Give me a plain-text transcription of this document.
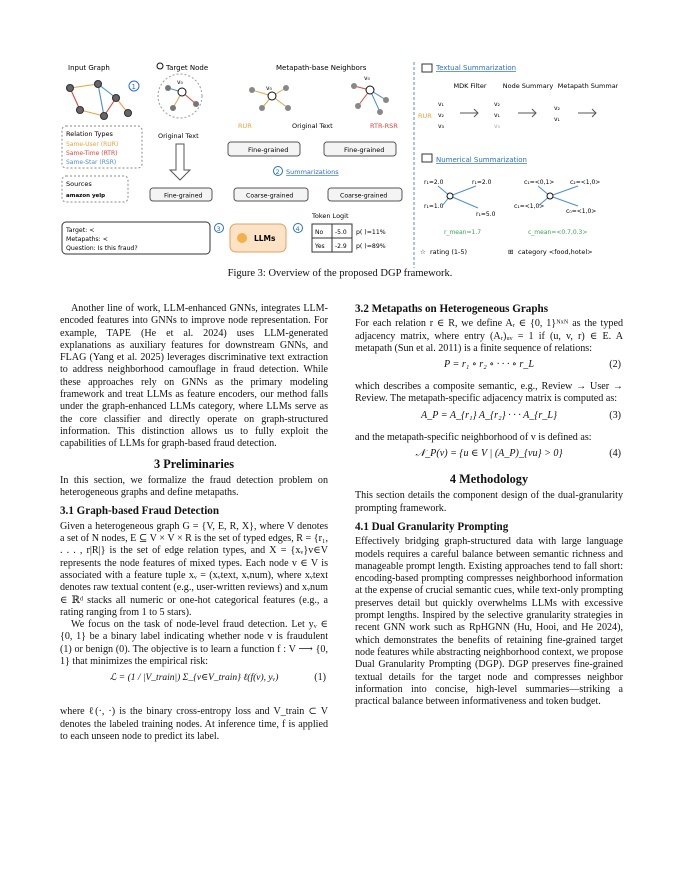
Input Graph
1
Target Node
v₀
Metapath-base Neighbors
v₀
v₀
RUR	Original Text	RTR-RSR
Relation Types
Same-User (RUR)
Same-Time (RTR)
Same-Star (RSR)
Original Text
Fine-grained	Fine-grained
2 Summarizations
Sources
amazon yelp	Fine-grained	Coarse-grained	Coarse-grained
Target: <
Metapaths: <
Question: Is this fraud?
3
LLMs
4
Token Logit
No -5.0
Yes -2.9
p( )=11%
p( )=89%
Textual Summarization
MDK Filter	Node Summary Metapath Summary
RUR
v₁
v₂
v₃
v₂
v₁
v₃
v₂
v₁
Numerical Summarization
r₁=2.0	r₁=2.0
r₁=1.0
r₁=5.0
c₁=<0,1>	c₂=<1,0>
c₁=<1,0>
c₀=<1,0>
r_mean=1.7	c_mean=<0.7,0.3>
☆ rating (1-5)	⊞ category <food,hotel>
Figure 3: Overview of the proposed DGP framework.

Another line of work, LLM-enhanced GNNs, integrates LLM-encoded features into GNNs to improve node representation. For example, TAPE (He et al. 2024) uses LLM-generated explanations as auxiliary features for downstream GNNs, and FLAG (Yang et al. 2025) leverages discriminative text extraction to address neighborhood camouflage in fraud detection. While these approaches rely on GNNs as the primary modeling framework and treat LLMs as feature encoders, our method falls under the graph-enhanced LLMs category, where LLMs serve as the core classifier and directly operate on graph-structured information. This distinction allows us to fully exploit the capabilities of LLMs for graph-based fraud detection.

3 Preliminaries

In this section, we formalize the fraud detection problem on heterogeneous graphs and define metapaths.

3.1 Graph-based Fraud Detection

Given a heterogeneous graph G = {V, E, R, X}, where V denotes a set of N nodes, E ⊆ V × V × R is the set of typed edges, R = {r₁, . . . , r|R|} is the set of edge relation types, and X = {xᵥ}v∈V represents the node features of mixed types. Each node v ∈ V is associated with a feature tuple xᵥ = (xᵥtext, xᵥnum), where xᵥtext denotes raw textual content (e.g., user-written reviews) and xᵥnum ∈ ℝᵈ stacks all numeric or one-hot categorical features (e.g., a rating ranging from 1 to 5 stars).

We focus on the task of node-level fraud detection. Let yᵥ ∈ {0, 1} be a binary label indicating whether node v is fraudulent (1) or benign (0). The objective is to learn a function f : V ⟶ {0, 1} that minimizes the empirical risk:

ℒ = (1 / |V_train|) Σ_{v∈V_train} ℓ(f(v), yᵥ)	(1)

where ℓ(·, ·) is the binary cross-entropy loss and V_train ⊂ V denotes the labeled training nodes. At inference time, f is applied to each unseen node to predict its label.

3.2 Metapaths on Heterogeneous Graphs

For each relation r ∈ R, we define Aᵣ ∈ {0, 1}ᴺˣᴺ as the typed adjacency matrix, where entry (Aᵣ)ᵤᵥ = 1 if (u, v, r) ∈ E. A metapath (Sun et al. 2011) is a finite sequence of relations:

P = r₁ ∘ r₂ ∘ · · · ∘ r_L	(2)

which describes a composite semantic, e.g., Review → User → Review. The metapath-specific adjacency matrix is computed as:

A_P = A_{r₁} A_{r₂} · · · A_{r_L}	(3)

and the metapath-specific neighborhood of v is defined as:

𝒩_P(v) = {u ∈ V | (A_P)_{vu} > 0}	(4)
4 Methodology

This section details the component design of the dual-granularity prompting framework.

4.1 Dual Granularity Prompting

Effectively bridging graph-structured data with large language models requires a careful balance between semantic richness and manageable prompt length. Existing approaches tend to fall short: encoding-based prompting compresses neighborhood information at the expense of crucial semantic cues, while text-only prompting preserves detail but quickly overwhelms LLMs with excessive prompt lengths. Inspired by the selective granularity strategies in recent GNN work such as RpHGNN (Hu, Hooi, and He 2024), which demonstrates the benefits of retaining fine-grained target node features while abstracting neighborhood context, we propose Dual Granularity Prompting (DGP). DGP preserves fine-grained textual details for the target node and compresses neighbor information into concise, high-level summaries—striking a practical balance between informativeness and token budget.
